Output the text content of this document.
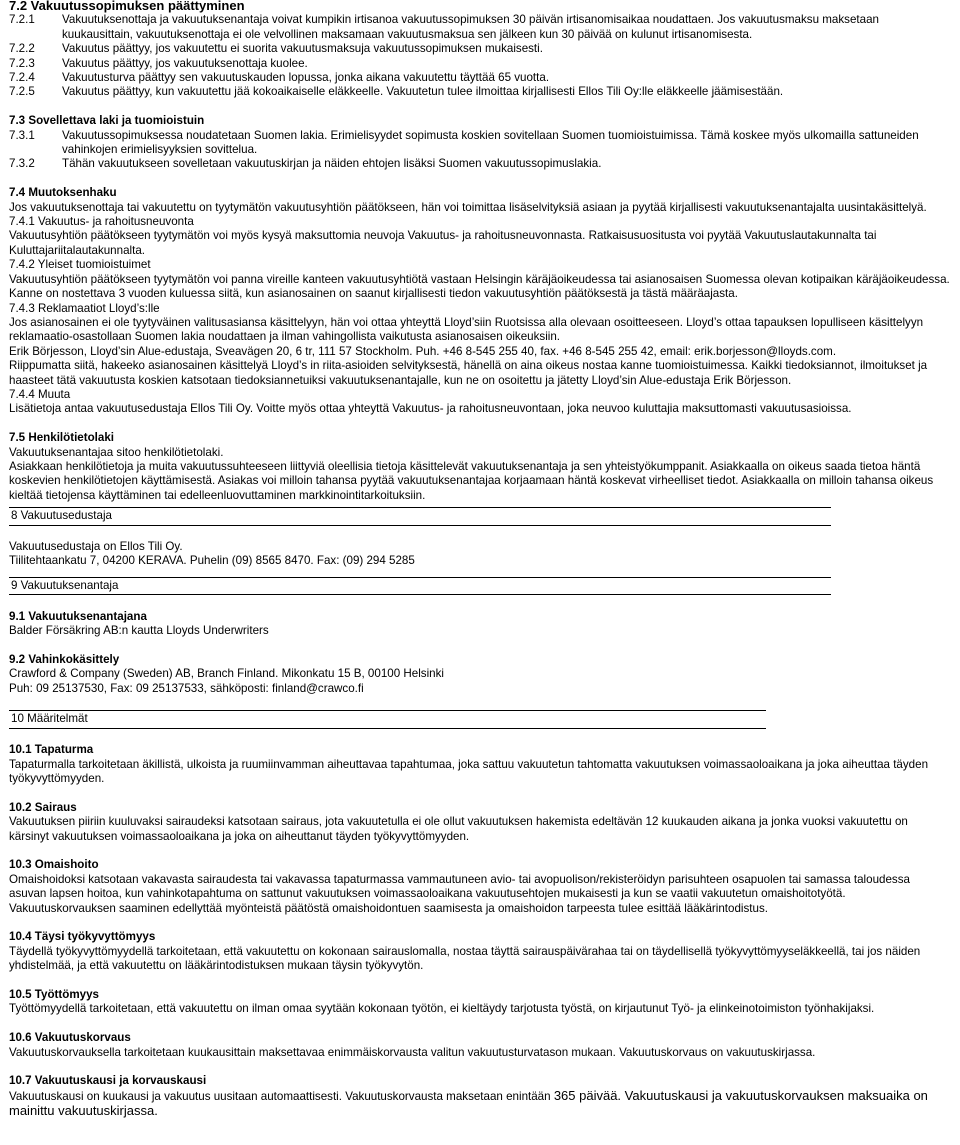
7.2 Vakuutussopimuksen päättyminen
7.2.1	Vakuutuksenottaja ja vakuutuksenantaja voivat kumpikin irtisanoa vakuutussopimuksen 30 päivän irtisanomisaikaa noudattaen. Jos vakuutusmaksu maksetaan kuukausittain, vakuutuksenottaja ei ole velvollinen maksamaan vakuutusmaksua sen jälkeen kun 30 päivää on kulunut irtisanomisesta.
7.2.2	Vakuutus päättyy, jos vakuutettu ei suorita vakuutusmaksuja vakuutussopimuksen mukaisesti.
7.2.3	Vakuutus päättyy, jos vakuutuksenottaja kuolee.
7.2.4	Vakuutusturva päättyy sen vakuutuskauden lopussa, jonka aikana vakuutettu täyttää 65 vuotta.
7.2.5	Vakuutus päättyy, kun vakuutettu jää kokoaikaiselle eläkkeelle. Vakuutetun tulee ilmoittaa kirjallisesti Ellos Tili Oy:lle eläkkeelle jäämisestään.
7.3 Sovellettava laki ja tuomioistuin
7.3.1	Vakuutussopimuksessa noudatetaan Suomen lakia. Erimielisyydet sopimusta koskien sovitellaan Suomen tuomioistuimissa. Tämä koskee myös ulkomailla sattuneiden vahinkojen erimielisyyksien sovittelua.
7.3.2	Tähän vakuutukseen sovelletaan vakuutuskirjan ja näiden ehtojen lisäksi Suomen vakuutussopimuslakia.
7.4 Muutoksenhaku

Jos vakuutuksenottaja tai vakuutettu on tyytymätön vakuutusyhtiön päätökseen, hän voi toimittaa lisäselvityksiä asiaan ja pyytää kirjallisesti vakuutuksenantajalta uusintakäsittelyä.

7.4.1 Vakuutus- ja rahoitusneuvonta

Vakuutusyhtiön päätökseen tyytymätön voi myös kysyä maksuttomia neuvoja Vakuutus- ja rahoitusneuvonnasta. Ratkaisusuositusta voi pyytää Vakuutuslautakunnalta tai Kuluttajariitalautakunnalta.

7.4.2 Yleiset tuomioistuimet

Vakuutusyhtiön päätökseen tyytymätön voi panna vireille kanteen vakuutusyhtiötä vastaan Helsingin käräjäoikeudessa tai asianosaisen Suomessa olevan kotipaikan käräjäoikeudessa. Kanne on nostettava 3 vuoden kuluessa siitä, kun asianosainen on saanut kirjallisesti tiedon vakuutusyhtiön päätöksestä ja tästä määräajasta.

7.4.3 Reklamaatiot Lloyd’s:lle

Jos asianosainen ei ole tyytyväinen valitusasiansa käsittelyyn, hän voi ottaa yhteyttä Lloyd’siin Ruotsissa alla olevaan osoitteeseen. Lloyd’s ottaa tapauksen lopulliseen käsittelyyn reklamaatio-osastollaan Suomen lakia noudattaen ja ilman vahingollista vaikutusta asianosaisen oikeuksiin.

Erik Börjesson, Lloyd’sin Alue-edustaja, Sveavägen 20, 6 tr, 111 57 Stockholm. Puh. +46 8-545 255 40, fax. +46 8-545 255 42, email: erik.borjesson@lloyds.com.

Riippumatta siitä, hakeeko asianosainen käsittelyä Lloyd’s in riita-asioiden selvityksestä, hänellä on aina oikeus nostaa kanne tuomioistuimessa. Kaikki tiedoksiannot, ilmoitukset ja haasteet tätä vakuutusta koskien katsotaan tiedoksiannetuiksi vakuutuksenantajalle, kun ne on osoitettu ja jätetty Lloyd’sin Alue-edustaja Erik Börjesson.

7.4.4 Muuta

Lisätietoja antaa vakuutusedustaja Ellos Tili Oy. Voitte myös ottaa yhteyttä Vakuutus- ja rahoitusneuvontaan, joka neuvoo kuluttajia maksuttomasti vakuutusasioissa.

7.5 Henkilötietolaki

Vakuutuksenantajaa sitoo henkilötietolaki.

Asiakkaan henkilötietoja ja muita vakuutussuhteeseen liittyviä oleellisia tietoja käsittelevät vakuutuksenantaja ja sen yhteistyökumppanit. Asiakkaalla on oikeus saada tietoa häntä koskevien henkilötietojen käyttämisestä. Asiakas voi milloin tahansa pyytää vakuutuksenantajaa korjaamaan häntä koskevat virheelliset tiedot. Asiakkaalla on milloin tahansa oikeus kieltää tietojensa käyttäminen tai edelleenluovuttaminen markkinointitarkoituksiin.

8 Vakuutusedustaja

Vakuutusedustaja on Ellos Tili Oy.

Tiilitehtaankatu 7, 04200 KERAVA. Puhelin (09) 8565 8470. Fax: (09) 294 5285

9 Vakuutuksenantaja
9.1 Vakuutuksenantajana

Balder Försäkring AB:n kautta Lloyds Underwriters

9.2 Vahinkokäsittely

Crawford & Company (Sweden) AB, Branch Finland. Mikonkatu 15 B, 00100 Helsinki

Puh: 09 25137530, Fax: 09 25137533, sähköposti: finland@crawco.fi

10 Määritelmät
10.1 Tapaturma

Tapaturmalla tarkoitetaan äkillistä, ulkoista ja ruumiinvamman aiheuttavaa tapahtumaa, joka sattuu vakuutetun tahtomatta vakuutuksen voimassaoloaikana ja joka aiheuttaa täyden työkyvyttömyyden.

10.2 Sairaus

Vakuutuksen piiriin kuuluvaksi sairaudeksi katsotaan sairaus, jota vakuutetulla ei ole ollut vakuutuksen hakemista edeltävän 12 kuukauden aikana ja jonka vuoksi vakuutettu on kärsinyt vakuutuksen voimassaoloaikana ja joka on aiheuttanut täyden työkyvyttömyyden.

10.3 Omaishoito

Omaishoidoksi katsotaan vakavasta sairaudesta tai vakavassa tapaturmassa vammautuneen avio- tai avopuolison/rekisteröidyn parisuhteen osapuolen tai samassa taloudessa asuvan lapsen hoitoa, kun vahinkotapahtuma on sattunut vakuutuksen voimassaoloaikana vakuutusehtojen mukaisesti ja kun se vaatii vakuutetun omaishoitotyötä. Vakuutuskorvauksen saaminen edellyttää myönteistä päätöstä omaishoidontuen saamisesta ja omaishoidon tarpeesta tulee esittää lääkärintodistus.

10.4 Täysi työkyvyttömyys

Täydellä työkyvyttömyydellä tarkoitetaan, että vakuutettu on kokonaan sairauslomalla, nostaa täyttä sairauspäivärahaa tai on täydellisellä työkyvyttömyyseläkkeellä, tai jos näiden yhdistelmää, ja että vakuutettu on lääkärintodistuksen mukaan täysin työkyvytön.

10.5 Työttömyys

Työttömyydellä tarkoitetaan, että vakuutettu on ilman omaa syytään kokonaan työtön, ei kieltäydy tarjotusta työstä, on kirjautunut Työ- ja elinkeinotoimiston työnhakijaksi.

10.6 Vakuutuskorvaus

Vakuutuskorvauksella tarkoitetaan kuukausittain maksettavaa enimmäiskorvausta valitun vakuutusturvatason mukaan. Vakuutuskorvaus on vakuutuskirjassa.

10.7 Vakuutuskausi ja korvauskausi

Vakuutuskausi on kuukausi ja vakuutus uusitaan automaattisesti. Vakuutuskorvausta maksetaan enintään 365 päivää. Vakuutuskausi ja vakuutuskorvauksen maksuaika on mainittu vakuutuskirjassa.
